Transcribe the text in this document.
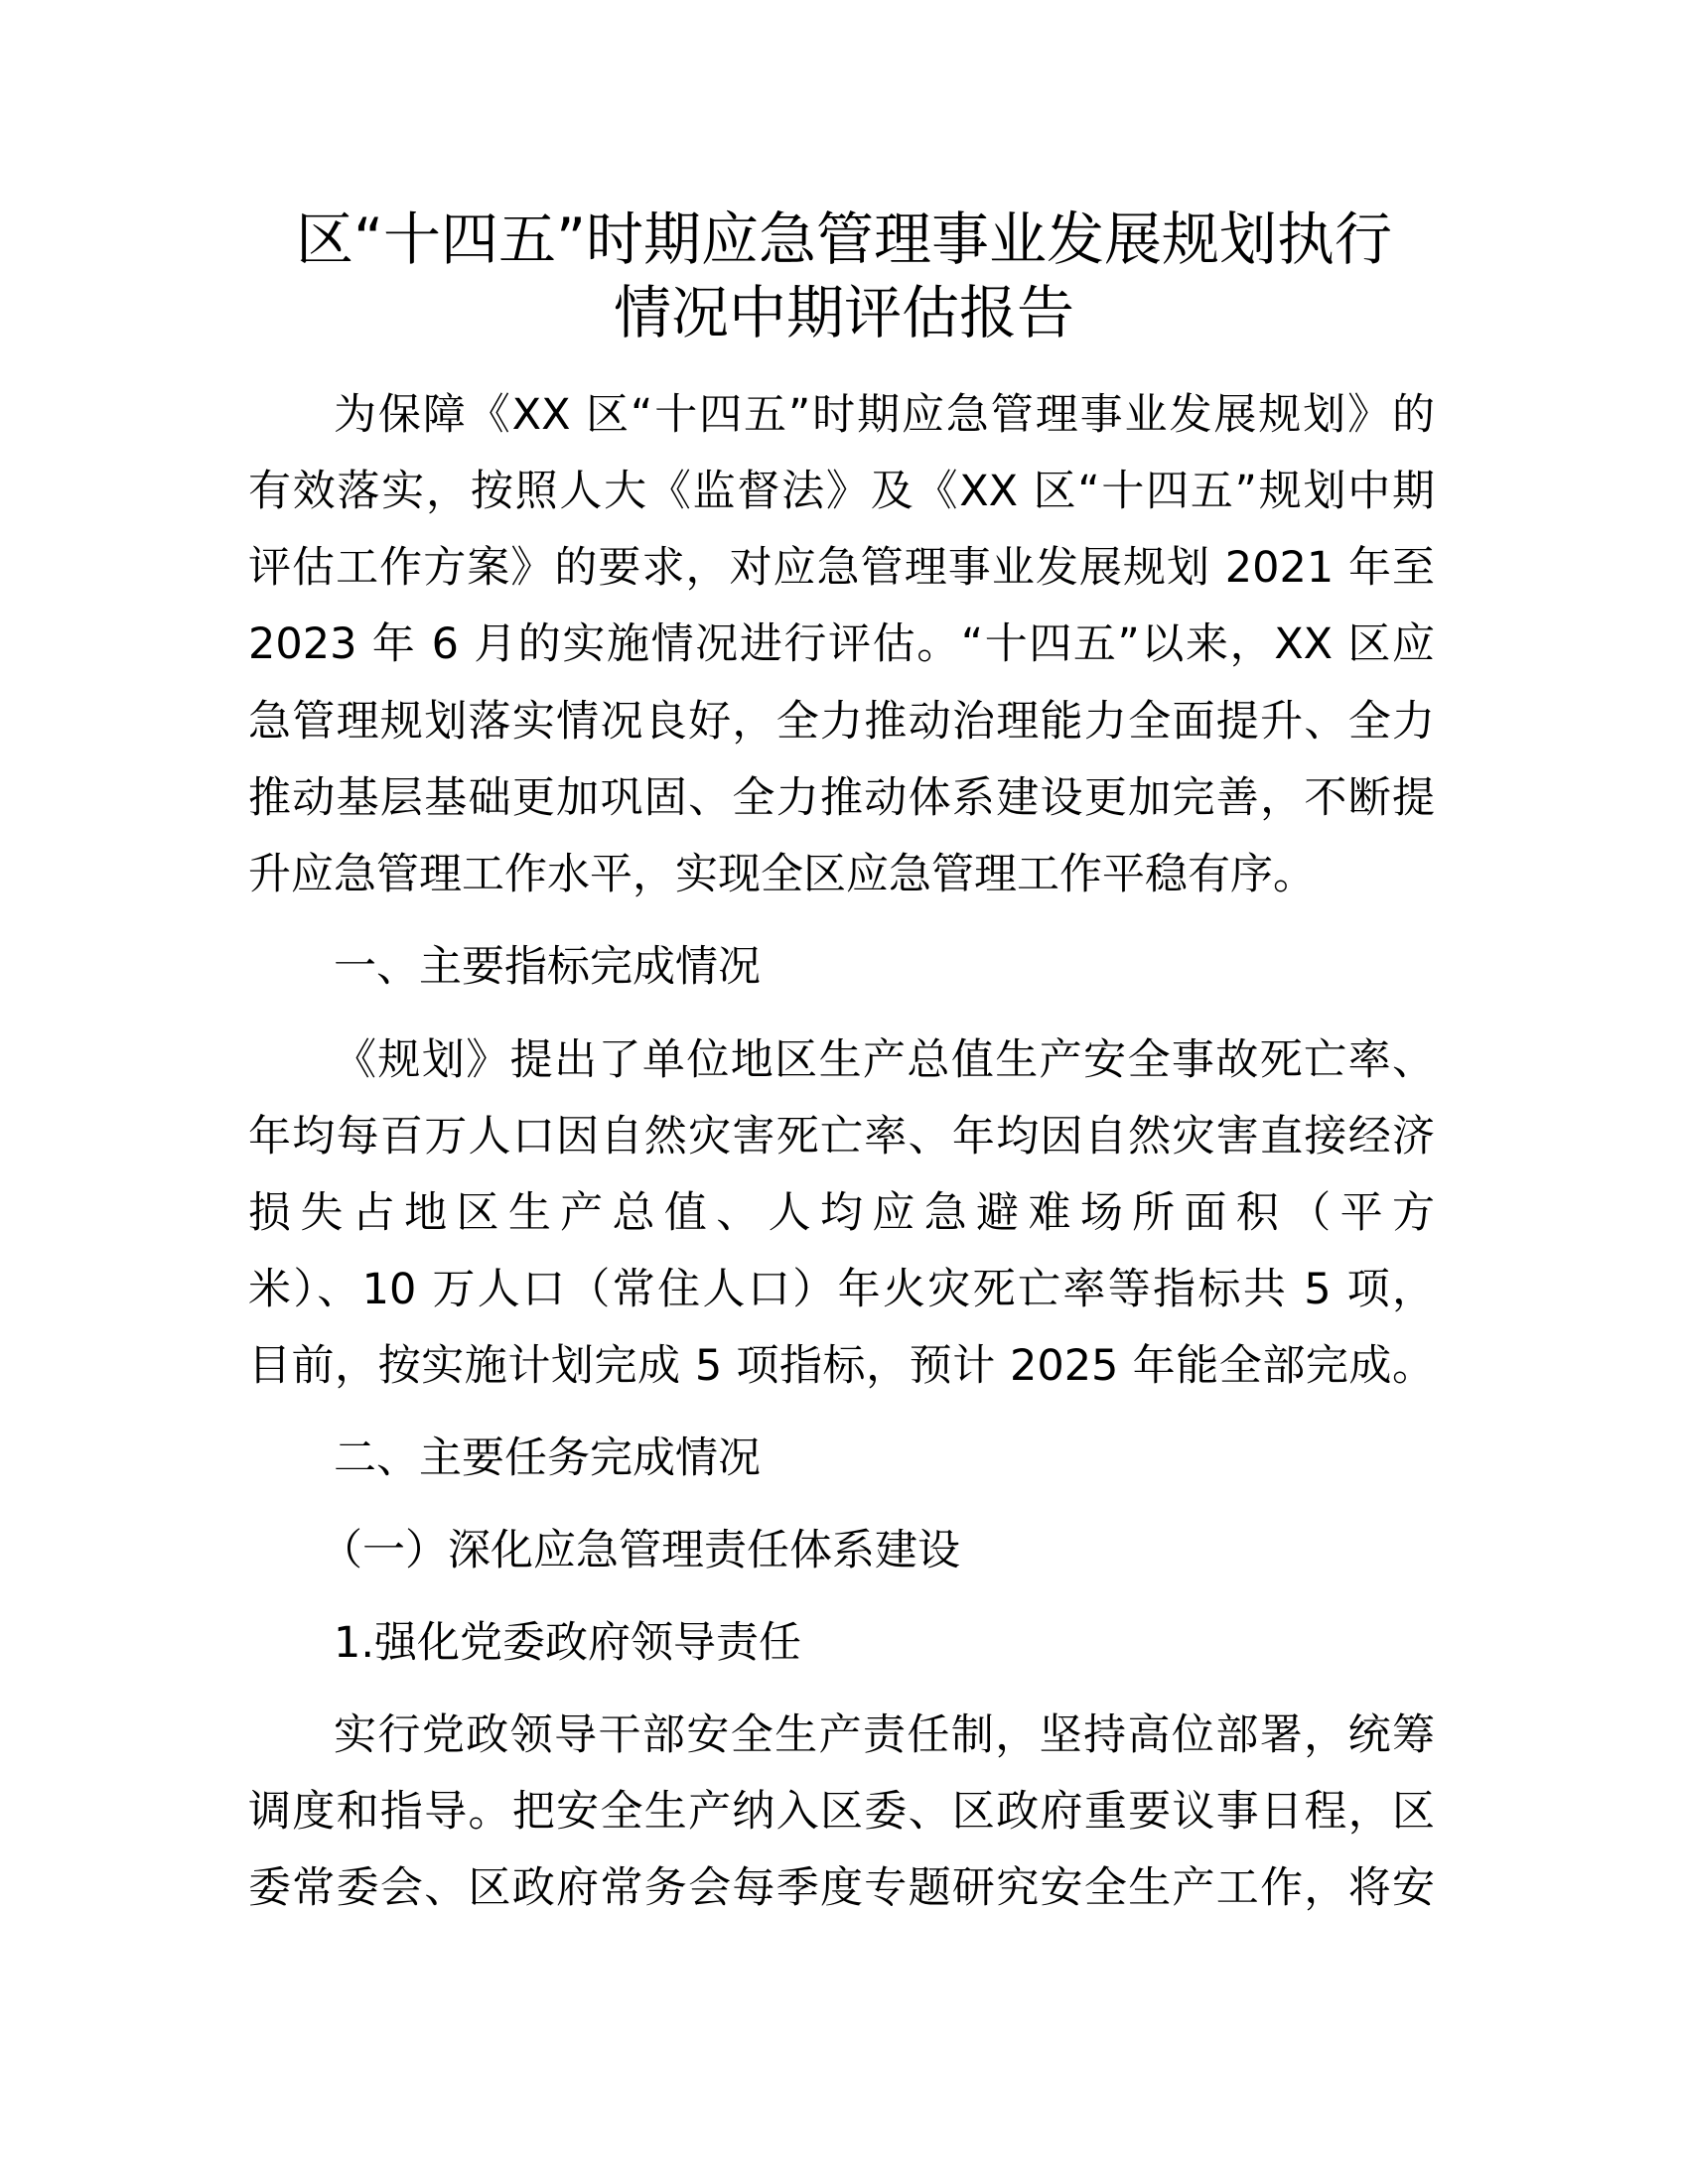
区“十四五”时期应急管理事业发展规划执行
情况中期评估报告

为保障《XX 区“十四五”时期应急管理事业发展规划》的

有效落实，按照人大《监督法》及《XX 区“十四五”规划中期

评估工作方案》的要求，对应急管理事业发展规划 2021 年至

2023 年 6 月的实施情况进行评估。“十四五”以来，XX 区应

急管理规划落实情况良好，全力推动治理能力全面提升、全力

推动基层基础更加巩固、全力推动体系建设更加完善，不断提

升应急管理工作水平，实现全区应急管理工作平稳有序。

一、主要指标完成情况

《规划》提出了单位地区生产总值生产安全事故死亡率、

年均每百万人口因自然灾害死亡率、年均因自然灾害直接经济

损失占地区生产总值、人均应急避难场所面积（平方

米）、10 万人口（常住人口）年火灾死亡率等指标共 5 项，

目前，按实施计划完成 5 项指标，预计 2025 年能全部完成。

二、主要任务完成情况

（一）深化应急管理责任体系建设

1.强化党委政府领导责任

实行党政领导干部安全生产责任制，坚持高位部署，统筹

调度和指导。把安全生产纳入区委、区政府重要议事日程，区

委常委会、区政府常务会每季度专题研究安全生产工作，将安
